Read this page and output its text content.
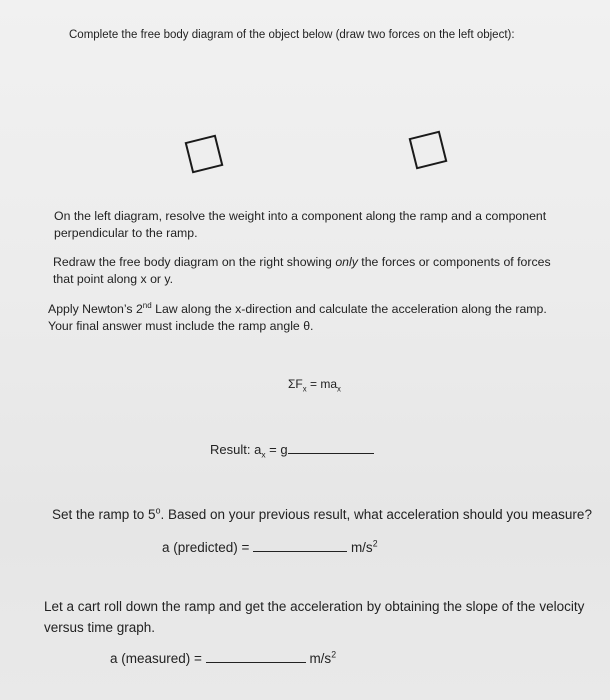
Complete the free body diagram of the object below (draw two forces on the left object):
On the left diagram, resolve the weight into a component along the ramp and a component
perpendicular to the ramp.
Redraw the free body diagram on the right showing only the forces or components of forces
that point along x or y.
Apply Newton’s 2nd Law along the x-direction and calculate the acceleration along the ramp.
Your final answer must include the ramp angle θ.
$\Sigma F_x = ma_x$
Result: $a_x = g$
Set the ramp to 5$^o$. Based on your previous result, what acceleration should you measure?
a (predicted) =	$m/s^2$
Let a cart roll down the ramp and get the acceleration by obtaining the slope of the velocity versus time graph.
a (measured) =	$m/s^2$
